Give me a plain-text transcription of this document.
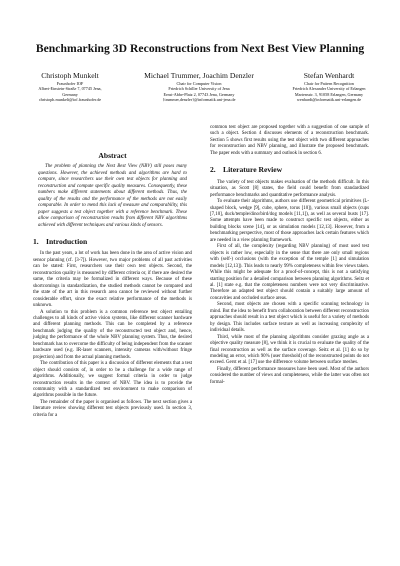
Benchmarking 3D Reconstructions from Next Best View Planning
Christoph Munkelt
Fraunhofer IOF
Albert-Einstein-Straße 7, 07745 Jena,
Germany
christoph.munkelt@iof.fraunhofer.de
Michael Trummer, Joachim Denzler
Chair for Computer Vision
Friedrich Schiller University of Jena
Ernst-Abbe-Platz 2, 07743 Jena, Germany
{trummer,denzler}@informatik.uni-jena.de
Stefan Wenhardt
Chair for Pattern Recognition
Friedrich Alexander University of Erlangen
Martensstr. 3, 91058 Erlangen, Germany
wenhardt@informatik.uni-erlangen.de
Abstract

The problem of planning the Next Best View (NBV) still poses many questions. However, the achieved methods and algorithms are hard to compare, since researchers use their own test objects for planning and reconstruction and compute specific quality measures. Consequently, these numbers make different statements about different methods. Thus, the quality of the results and the performance of the methods are not easily comparable. In order to mend this lack of measure and comparability, this paper suggests a test object together with a reference benchmark. These allow comparison of reconstruction results from different NBV algorithms achieved with different techniques and various kinds of sensors.

1. Introduction

In the past years, a lot of work has been done in the area of active vision and sensor planning (cf. [3-7]). However, two major problems of all past activities can be stated: First, researchers use their own test objects. Second, the reconstruction quality is measured by different criteria or, if there are desired the same, the criteria may be formalized in different ways. Because of these shortcomings in standardization, the studied methods cannot be compared and the state of the art in this research area cannot be reviewed without further considerable effort, since the exact relative performance of the methods is unknown.

A solution to this problem is a common reference test object entailing challenges to all kinds of active vision systems, like different scanner hardware and different planning methods. This can be completed by a reference benchmark judging the quality of the reconstructed test object and, hence, judging the performance of the whole NBV planning system. Thus, the desired benchmark has to overcome the difficulty of being independent from the scanner hardware used (e.g. IR-laser scanners, intensity cameras with/without fringe projection) and from the actual planning methods.

The contribution of this paper is a discussion of different elements that a test object should consists of, in order to be a challenge for a wide range of algorithms. Additionally, we suggest formal criteria in order to judge reconstruction results in the context of NBV. The idea is to provide the community with a standardized test environment to make comparison of algorithms possible in the future.

The remainder of the paper is organised as follows. The next section gives a literature review showing different test objects previously used. In section 3, criteria for a

common test object are proposed together with a suggestion of one sample of such a object. Section 4 discusses elements of a reconstruction benchmark. Section 5 shows first results using the test object with two different approaches for reconstruction and NBV planning, and illustrate the proposed benchmark. The paper ends with a summary and outlook in section 6.

2. Literature Review

The variety of test objects makes evaluation of the methods difficult. In this situation, as Scott [8] states, the field could benefit from standardized performance benchmarks and quantitative performance analysis.

To evaluate their algorithms, authors use different geometrical primitives (L-shaped block, wedge [9], cube, sphere, torus [10]), various small objects (cups [7,10], duck/temple/dino/bird/dog models [11,1]), as well as several busts [17]. Some attempts have been made to construct specific test objects, either as building blocks scene [14], or as simulation models [12,13]. However, from a benchmarking perspective, most of those approaches lack certain features which are needed in a view planning framework.

First of all, the complexity (regarding NBV planning) of most used test objects is rather low, especially in the sense that there are only small regions with (self-) occlusions (with the exception of the temple [1] and simulation models [12,13]). This leads to nearly 99% completeness within few views taken. While this might be adequate for a proof-of-concept, this is not a satisfying starting position for a detailed comparison between planning algorithms. Seitz et al. [1] state e.g. that the completeness numbers were not very discriminative. Therefore an adapted test object should contain a suitably large amount of concavities and occluded surface areas.

Second, most objects are chosen with a specific scanning technology in mind. But the idea to benefit from collaboration between different reconstruction approaches should result in a test object which is useful for a variety of methods by design. This includes surface texture as well as increasing complexity of individual details.

Third, while most of the planning algorithms consider grazing angle as a objective quality measure [8], we think it is crucial to evaluate the quality of the final reconstruction as well as the surface coverage. Seitz et al. [1] do so by modeling an error, which 90% (user threshold) of the reconstructed points do not exceed. Gerst et al. [17] use the difference volume between surface meshes.

Finally, different performance measures have been used. Most of the authors considered the number of views and completeness, while the latter was often not formal-
